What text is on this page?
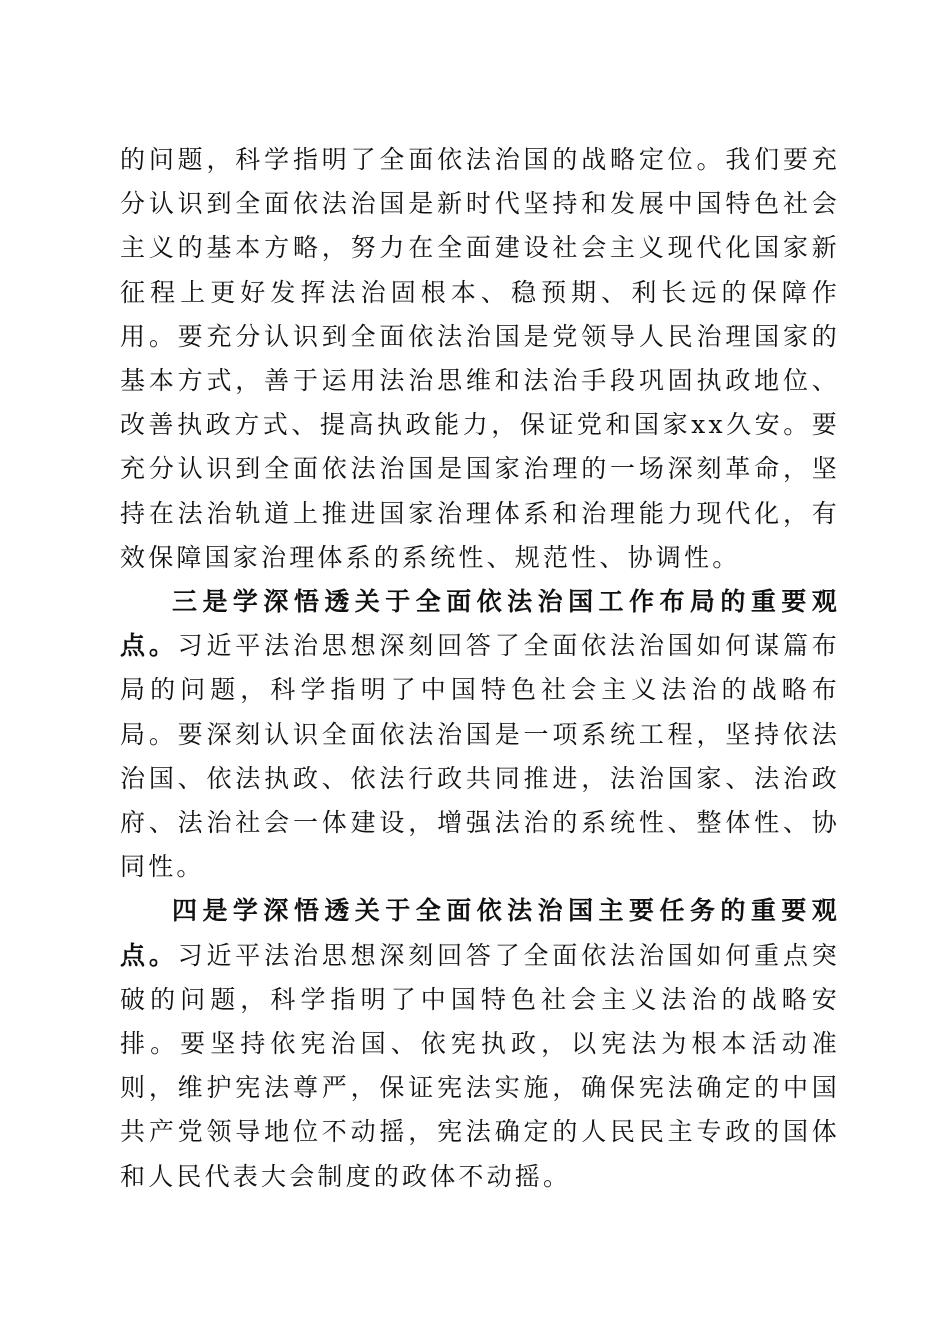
的问题，科学指明了全面依法治国的战略定位。我们要充分认识到全面依法治国是新时代坚持和发展中国特色社会主义的基本方略，努力在全面建设社会主义现代化国家新征程上更好发挥法治固根本、稳预期、利长远的保障作用。要充分认识到全面依法治国是党领导人民治理国家的基本方式，善于运用法治思维和法治手段巩固执政地位、改善执政方式、提高执政能力，保证党和国家xx久安。要充分认识到全面依法治国是国家治理的一场深刻革命，坚持在法治轨道上推进国家治理体系和治理能力现代化，有效保障国家治理体系的系统性、规范性、协调性。

三是学深悟透关于全面依法治国工作布局的重要观点。习近平法治思想深刻回答了全面依法治国如何谋篇布局的问题，科学指明了中国特色社会主义法治的战略布局。要深刻认识全面依法治国是一项系统工程，坚持依法治国、依法执政、依法行政共同推进，法治国家、法治政府、法治社会一体建设，增强法治的系统性、整体性、协同性。

四是学深悟透关于全面依法治国主要任务的重要观点。习近平法治思想深刻回答了全面依法治国如何重点突破的问题，科学指明了中国特色社会主义法治的战略安排。要坚持依宪治国、依宪执政，以宪法为根本活动准则，维护宪法尊严，保证宪法实施，确保宪法确定的中国共产党领导地位不动摇，宪法确定的人民民主专政的国体和人民代表大会制度的政体不动摇。
